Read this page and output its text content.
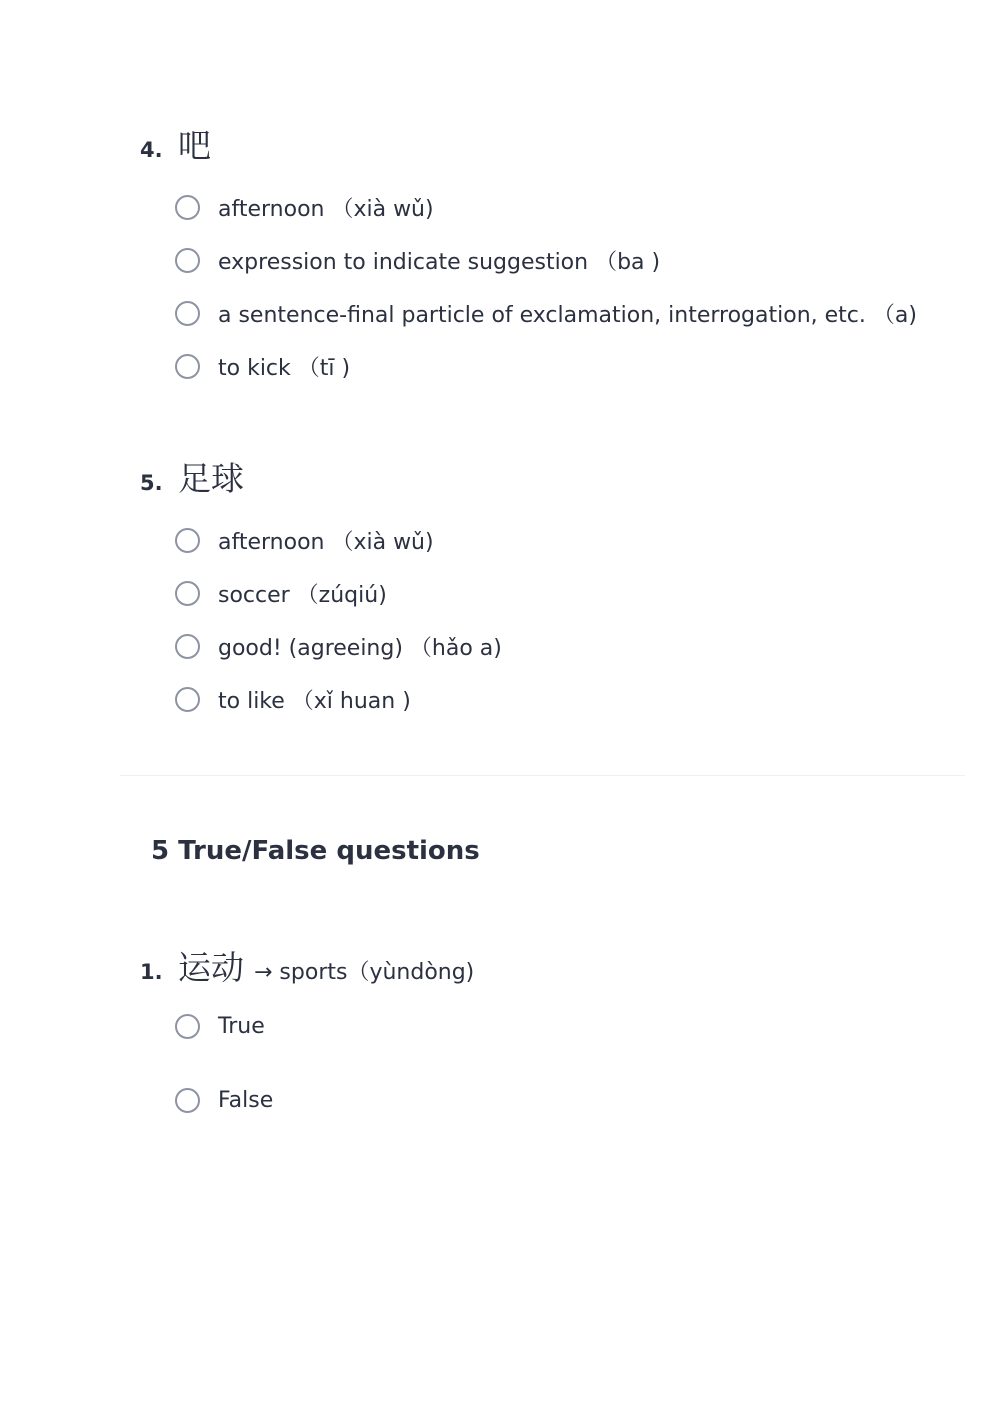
4. 吧
afternoon （xià wǔ)
expression to indicate suggestion （ba )
a sentence-final particle of exclamation, interrogation, etc. （a)
to kick （tī )
5. 足球
afternoon （xià wǔ)
soccer （zúqiú)
good! (agreeing) （hǎo a)
to like （xǐ huan )
5 True/False questions
1. 运动 → sports（yùndòng)
True
False
